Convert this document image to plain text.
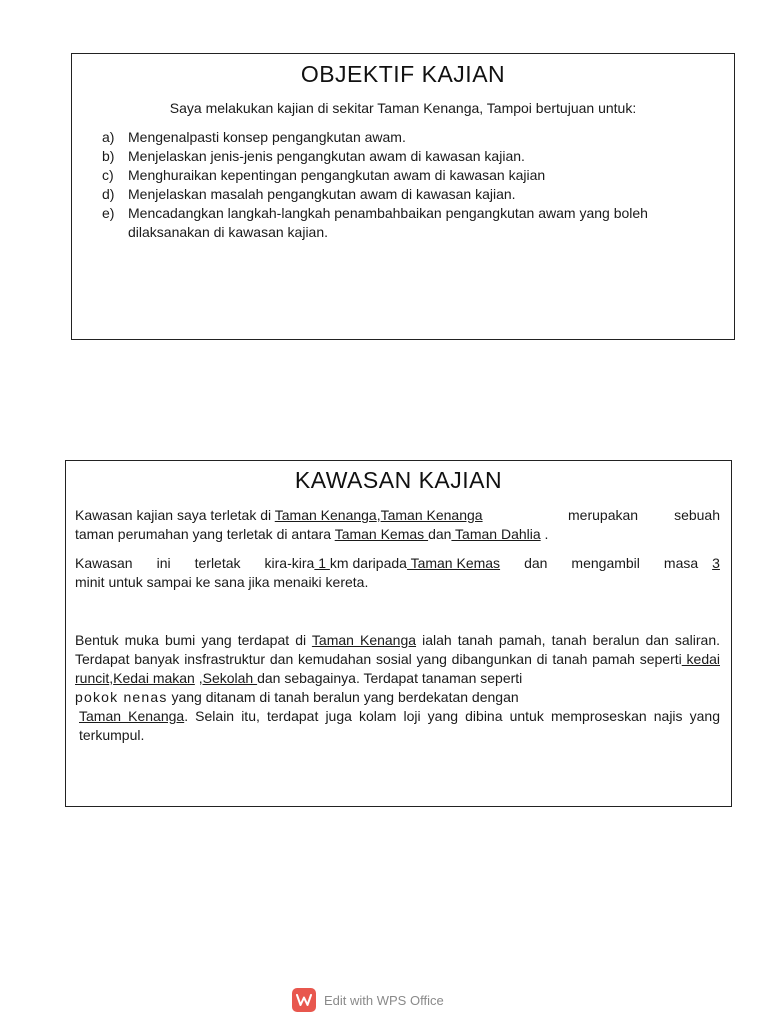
OBJEKTIF KAJIAN
Saya melakukan kajian di sekitar Taman Kenanga, Tampoi bertujuan untuk:
a) Mengenalpasti konsep pengangkutan awam.
b) Menjelaskan jenis-jenis pengangkutan awam di kawasan kajian.
c) Menghuraikan kepentingan pengangkutan awam di kawasan kajian
d) Menjelaskan masalah pengangkutan awam di kawasan kajian.
e) Mencadangkan langkah-langkah penambahbaikan pengangkutan awam yang boleh dilaksanakan di kawasan kajian.
KAWASAN KAJIAN
Kawasan kajian saya terletak di Taman Kenanga,Taman Kenanga	merupakan	sebuah
taman perumahan yang terletak di antara Taman Kemas dan Taman Dahlia .
Kawasan ini terletak kira-kira 1 km daripada Taman Kemas dan mengambil masa 3
minit untuk sampai ke sana jika menaiki kereta.
Bentuk muka bumi yang terdapat di Taman Kenanga ialah tanah pamah, tanah beralun dan saliran. Terdapat banyak insfrastruktur dan kemudahan sosial yang dibangunkan di tanah pamah seperti kedai runcit,Kedai makan ,Sekolah dan sebagainya. Terdapat tanaman seperti
pokok nenas yang ditanam di tanah beralun yang berdekatan dengan
Taman Kenanga. Selain itu, terdapat juga kolam loji yang dibina untuk memproseskan najis yang terkumpul.
Edit with WPS Office
